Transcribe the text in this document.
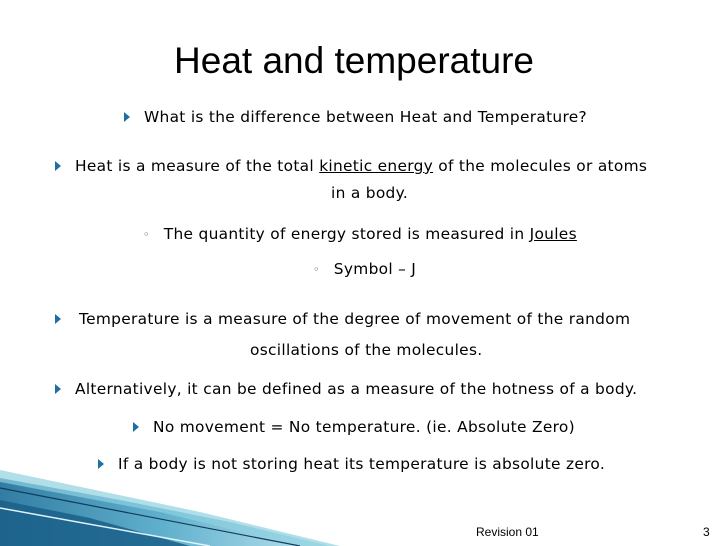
Heat and temperature
What is the difference between Heat and Temperature?
Heat is a measure of the total kinetic energy of the molecules or atoms
in a body.
◦ The quantity of energy stored is measured in Joules
◦ Symbol – J
Temperature is a measure of the degree of movement of the random
oscillations of the molecules.
Alternatively, it can be defined as a measure of the hotness of a body.
No movement = No temperature. (ie. Absolute Zero)
If a body is not storing heat its temperature is absolute zero.
Revision 01	3
